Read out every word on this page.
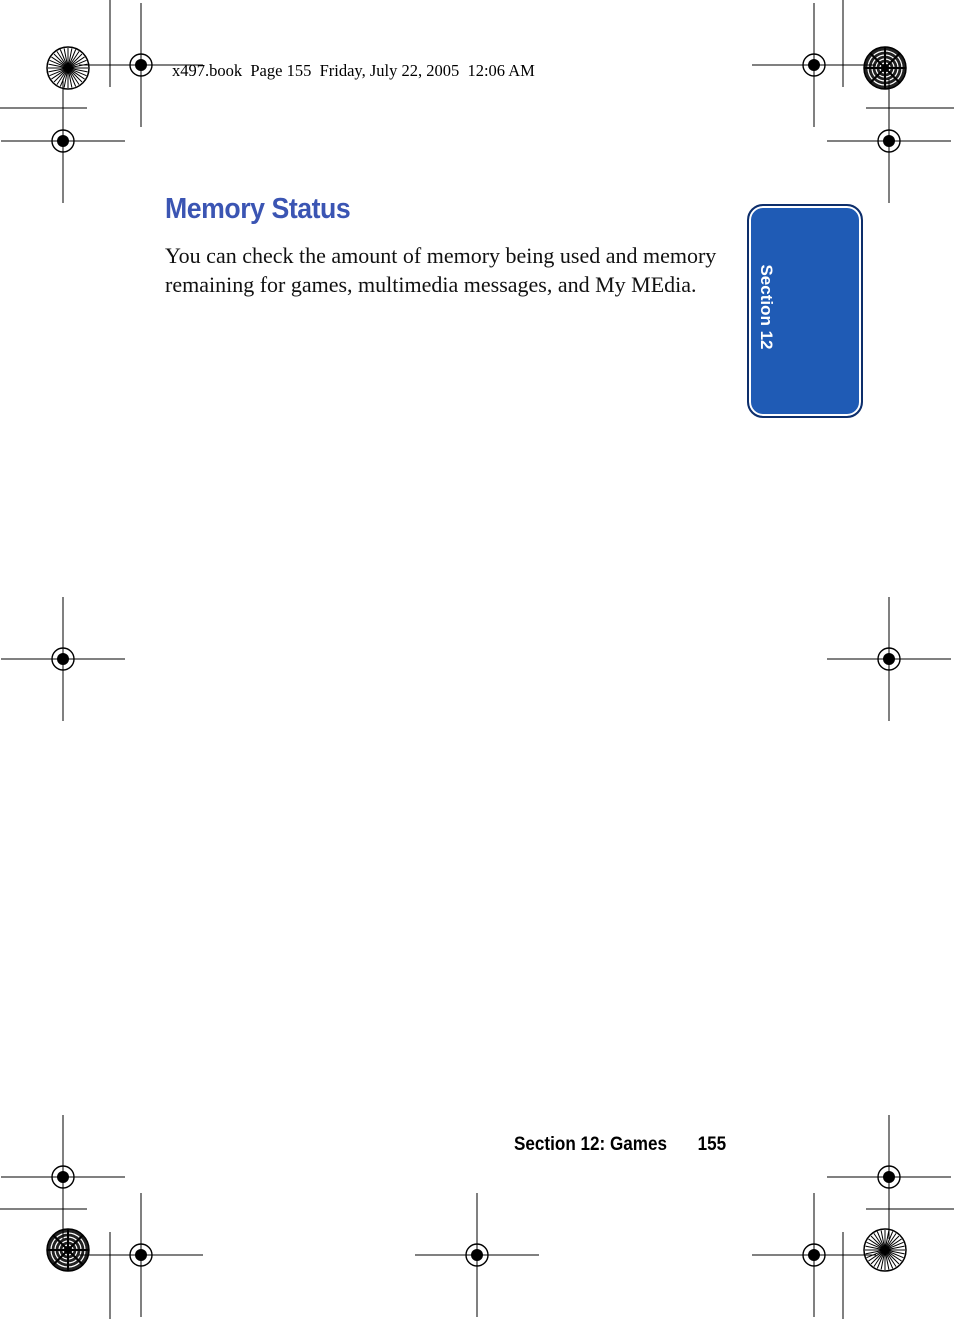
x497.book  Page 155  Friday, July 22, 2005  12:06 AM
Section 12
Memory Status

You can check the amount of memory being used and memory remaining for games, multimedia messages, and My MEdia.

Section 12: Games 155
